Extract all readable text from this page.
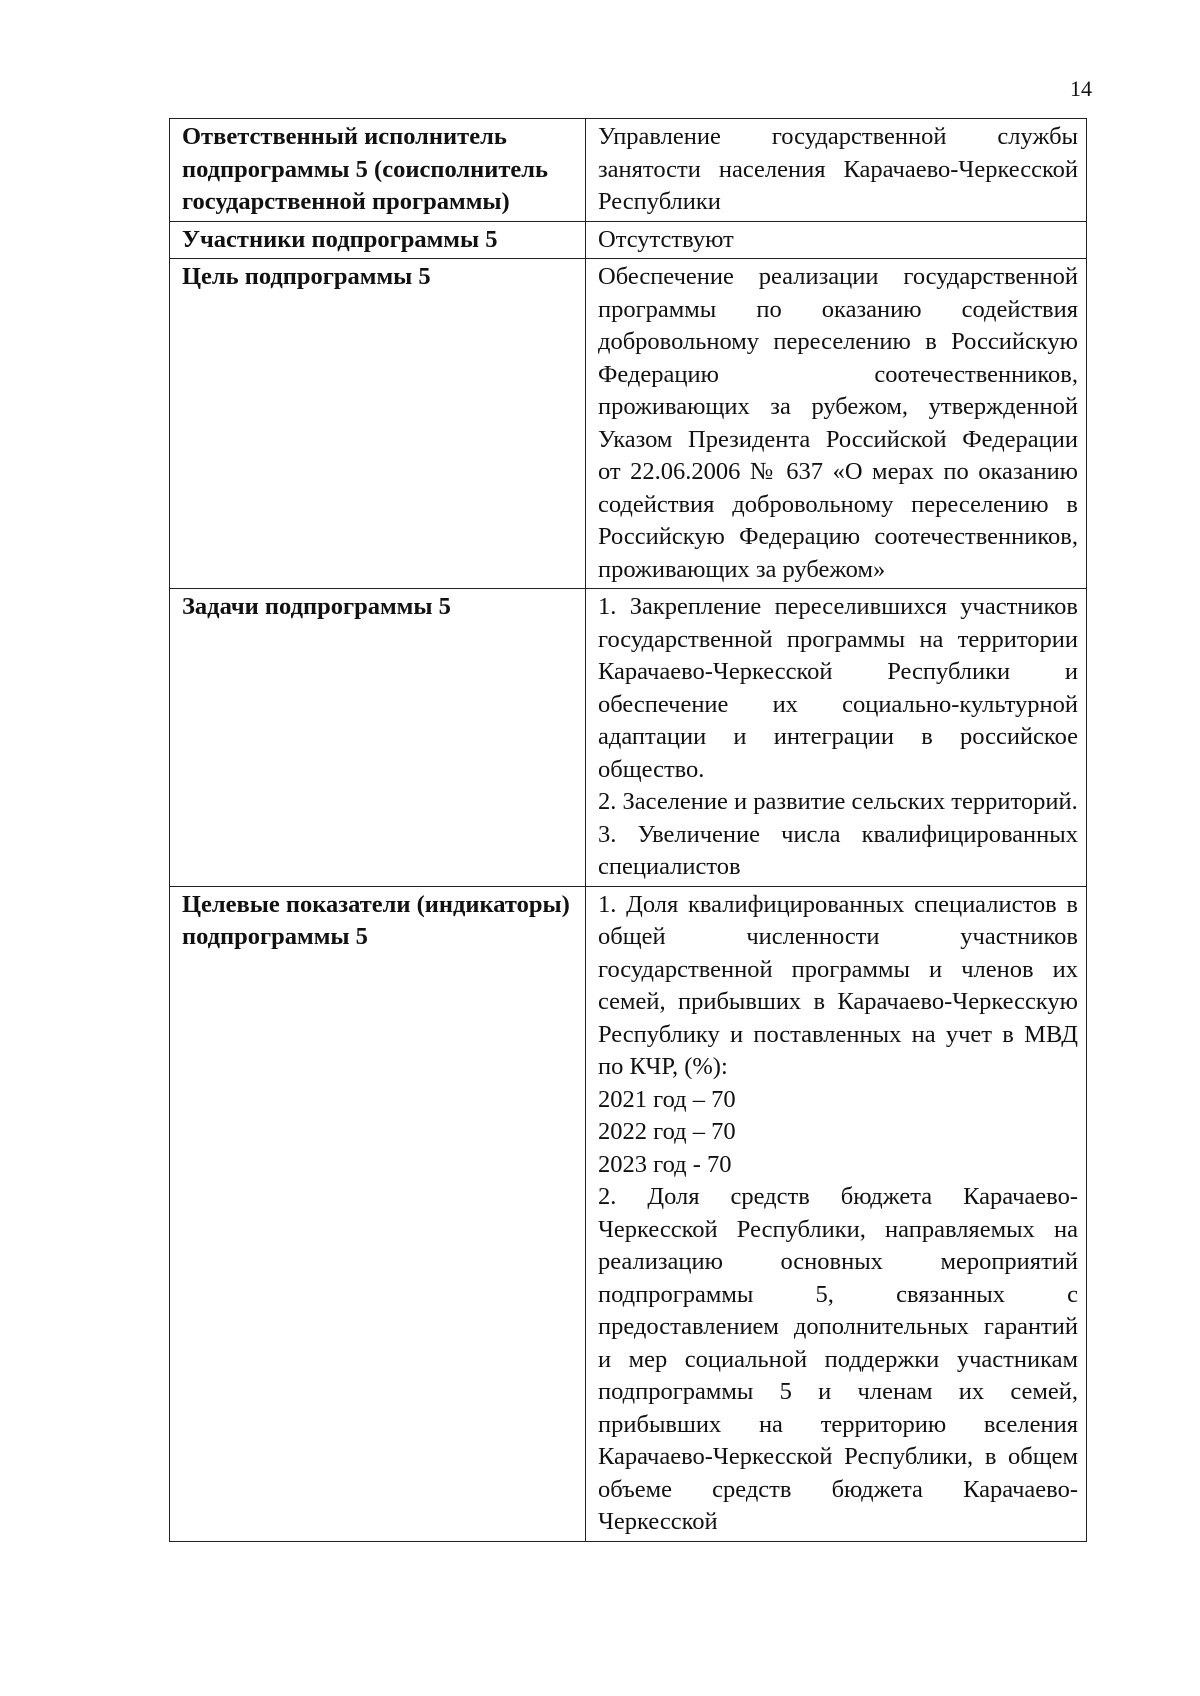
14
Ответственный исполнитель подпрограммы 5 (соисполнитель государственной программы)	Управление государственной службы занятости населения Карачаево-Черкесской Республики

Участники подпрограммы 5	Отсутствуют

Цель подпрограммы 5	Обеспечение реализации государственной программы по оказанию содействия добровольному переселению в Российскую Федерацию соотечественников, проживающих за рубежом, утвержденной Указом Президента Российской Федерации от 22.06.2006 № 637 «О мерах по оказанию содействия добровольному переселению в Российскую Федерацию соотечественников, проживающих за рубежом»

Задачи подпрограммы 5	1. Закрепление переселившихся участников государственной программы на территории Карачаево-Черкесской Республики и обеспечение их социально-культурной адаптации и интеграции в российское общество.
2. Заселение и развитие сельских территорий.
3. Увеличение числа квалифицированных специалистов

Целевые показатели (индикаторы) подпрограммы 5	1. Доля квалифицированных специалистов в общей численности участников государственной программы и членов их семей, прибывших в Карачаево-Черкесскую Республику и поставленных на учет в МВД по КЧР, (%):
2021 год – 70
2022 год – 70
2023 год - 70
2. Доля средств бюджета Карачаево-Черкесской Республики, направляемых на реализацию основных мероприятий подпрограммы 5, связанных с предоставлением дополнительных гарантий и мер социальной поддержки участникам подпрограммы 5 и членам их семей, прибывших на территорию вселения Карачаево-Черкесской Республики, в общем объеме средств бюджета Карачаево-Черкесской
